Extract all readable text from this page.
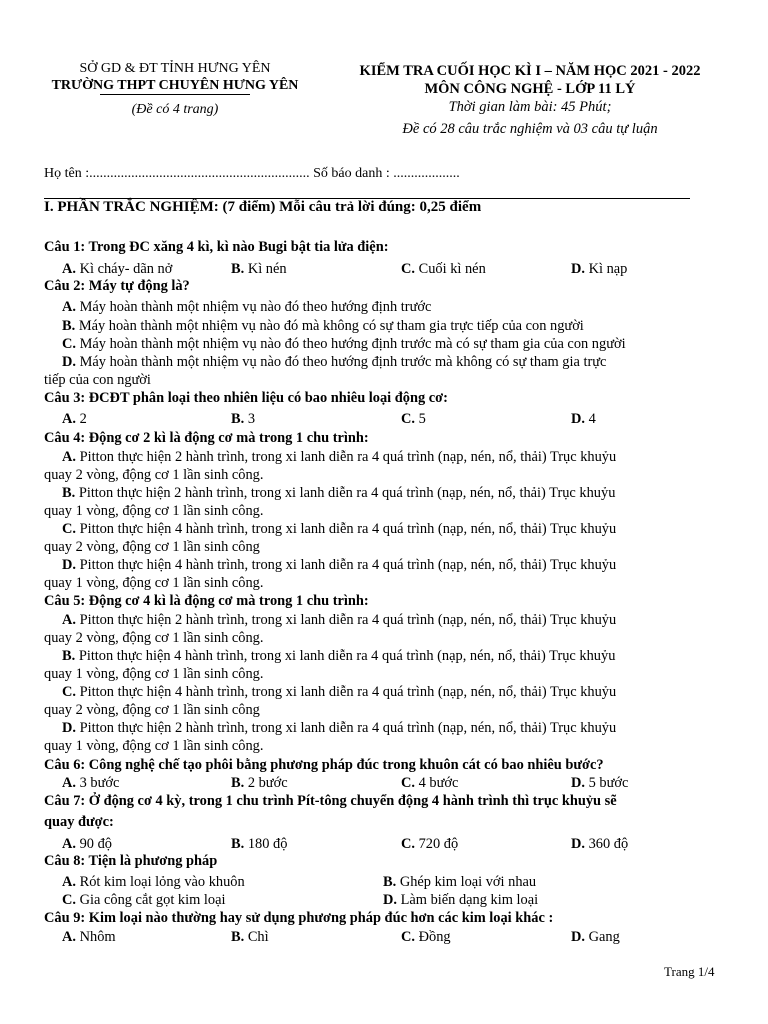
SỞ GD & ĐT TỈNH HƯNG YÊN
TRƯỜNG THPT CHUYÊN HƯNG YÊN
(Đề có 4 trang)
KIỂM TRA CUỐI HỌC KÌ I – NĂM HỌC 2021 - 2022
MÔN CÔNG NGHỆ - LỚP 11 LÝ
Thời gian làm bài: 45 Phút;
Đề có 28 câu trắc nghiệm và 03 câu tự luận
Họ tên :............................................................... Số báo danh : ...................
I. PHẦN TRẮC NGHIỆM: (7 điểm) Mỗi câu trả lời đúng: 0,25 điểm
Câu 1: Trong ĐC xăng 4 kì, kì nào Bugi bật tia lửa điện:
A. Kì cháy- dãn nở	B. Kì nén	C. Cuối kì nén	D. Kì nạp
Câu 2: Máy tự động là?
A. Máy hoàn thành một nhiệm vụ nào đó theo hướng định trước
B. Máy hoàn thành một nhiệm vụ nào đó mà không có sự tham gia trực tiếp của con người
C. Máy hoàn thành một nhiệm vụ nào đó theo hướng định trước mà có sự tham gia của con người
D. Máy hoàn thành một nhiệm vụ nào đó theo hướng định trước mà không có sự tham gia trực
tiếp của con người
Câu 3: ĐCĐT phân loại theo nhiên liệu có bao nhiêu loại động cơ:
A. 2	B. 3	C. 5	D. 4
Câu 4: Động cơ 2 kì là động cơ mà trong 1 chu trình:
A. Pitton thực hiện 2 hành trình, trong xi lanh diễn ra 4 quá trình (nạp, nén, nổ, thải) Trục khuỷu
quay 2 vòng, động cơ 1 lần sinh công.
B. Pitton thực hiện 2 hành trình, trong xi lanh diễn ra 4 quá trình (nạp, nén, nổ, thải) Trục khuỷu
quay 1 vòng, động cơ 1 lần sinh công.
C. Pitton thực hiện 4 hành trình, trong xi lanh diễn ra 4 quá trình (nạp, nén, nổ, thải) Trục khuỷu
quay 2 vòng, động cơ 1 lần sinh công
D. Pitton thực hiện 4 hành trình, trong xi lanh diễn ra 4 quá trình (nạp, nén, nổ, thải) Trục khuỷu
quay 1 vòng, động cơ 1 lần sinh công.
Câu 5: Động cơ 4 kì là động cơ mà trong 1 chu trình:
A. Pitton thực hiện 2 hành trình, trong xi lanh diễn ra 4 quá trình (nạp, nén, nổ, thải) Trục khuỷu
quay 2 vòng, động cơ 1 lần sinh công.
B. Pitton thực hiện 4 hành trình, trong xi lanh diễn ra 4 quá trình (nạp, nén, nổ, thải) Trục khuỷu
quay 1 vòng, động cơ 1 lần sinh công.
C. Pitton thực hiện 4 hành trình, trong xi lanh diễn ra 4 quá trình (nạp, nén, nổ, thải) Trục khuỷu
quay 2 vòng, động cơ 1 lần sinh công
D. Pitton thực hiện 2 hành trình, trong xi lanh diễn ra 4 quá trình (nạp, nén, nổ, thải) Trục khuỷu
quay 1 vòng, động cơ 1 lần sinh công.
Câu 6: Công nghệ chế tạo phôi bằng phương pháp đúc trong khuôn cát có bao nhiêu bước?
A. 3 bước	B. 2 bước	C. 4 bước	D. 5 bước
Câu 7: Ở động cơ 4 kỳ, trong 1 chu trình Pít-tông chuyển động 4 hành trình thì trục khuỷu sẽ
quay được:
A. 90 độ	B. 180 độ	C. 720 độ	D. 360 độ
Câu 8: Tiện là phương pháp
A. Rót kim loại lỏng vào khuôn	B. Ghép kim loại với nhau
C. Gia công cắt gọt kim loại	D. Làm biến dạng kim loại
Câu 9: Kim loại nào thường hay sử dụng phương pháp đúc hơn các kim loại khác :
A. Nhôm	B. Chì	C. Đồng	D. Gang
Trang 1/4
